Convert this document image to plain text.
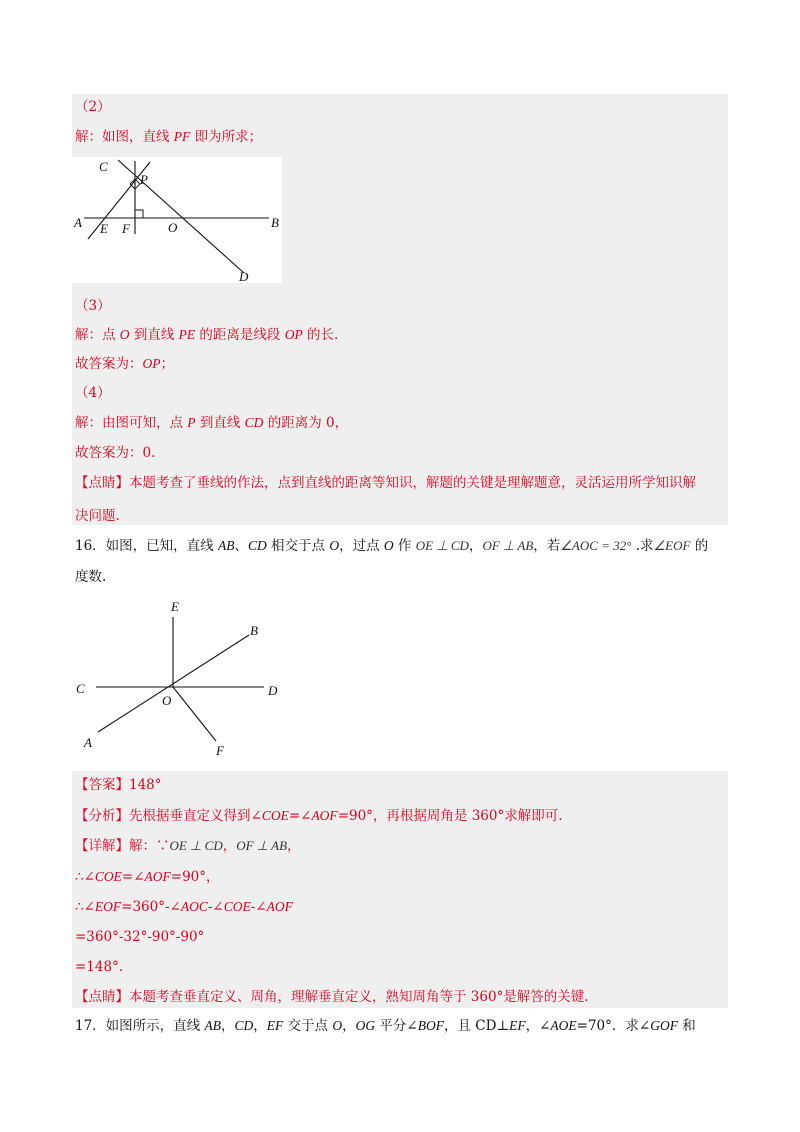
（2）
解：如图，直线 PF 即为所求；
C
P
A E F	O	B
D
（3）
解：点 O 到直线 PE 的距离是线段 OP 的长.
故答案为：OP；
（4）
解：由图可知，点 P 到直线 CD 的距离为 0，
故答案为：0.
【点睛】本题考查了垂线的作法，点到直线的距离等知识，解题的关键是理解题意，灵活运用所学知识解
决问题.
16．如图，已知，直线 AB、CD 相交于点 O，过点 O 作 OE ⊥ CD，OF ⊥ AB，若∠AOC = 32° .求∠EOF 的
度数.
E
B
C	D
O
A
F
【答案】148°
【分析】先根据垂直定义得到∠COE=∠AOF=90°，再根据周角是 360°求解即可.
【详解】解：∵OE ⊥ CD，OF ⊥ AB，
∴∠COE=∠AOF=90°，
∴∠EOF=360°-∠AOC-∠COE-∠AOF
=360°-32°-90°-90°
=148°.
【点睛】本题考查垂直定义、周角，理解垂直定义，熟知周角等于 360°是解答的关键.
17．如图所示，直线 AB，CD，EF 交于点 O，OG 平分∠BOF，且 CD⊥EF，∠AOE=70°．求∠GOF 和
